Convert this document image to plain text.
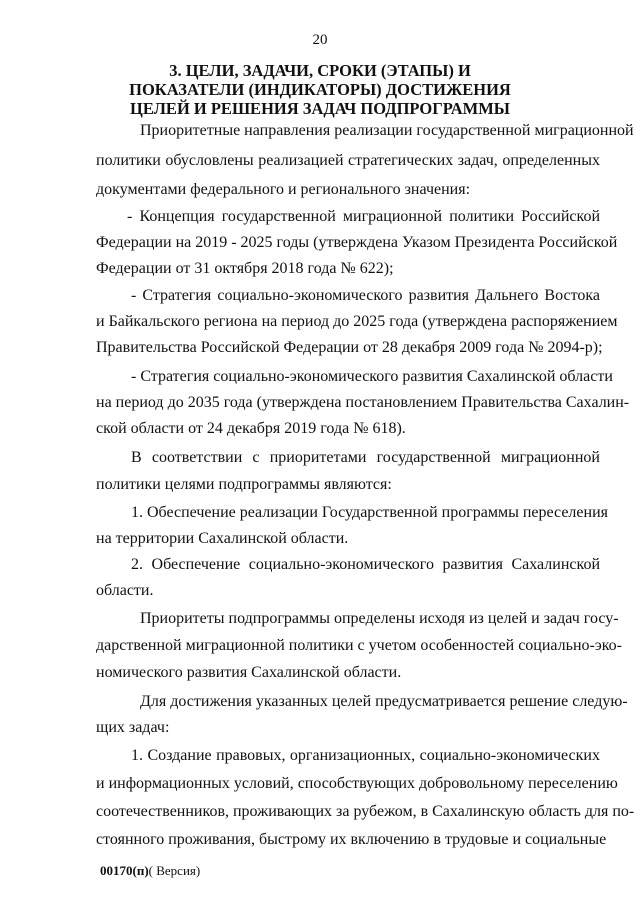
20
3. ЦЕЛИ, ЗАДАЧИ, СРОКИ (ЭТАПЫ) И
ПОКАЗАТЕЛИ (ИНДИКАТОРЫ) ДОСТИЖЕНИЯ
ЦЕЛЕЙ И РЕШЕНИЯ ЗАДАЧ ПОДПРОГРАММЫ
Приоритетные направления реализации государственной миграционной
политики обусловлены реализацией стратегических задач, определенных
документами федерального и регионального значения:
- Концепция государственной миграционной политики Российской
Федерации на 2019 - 2025 годы (утверждена Указом Президента Российской
Федерации от 31 октября 2018 года № 622);
- Стратегия социально-экономического развития Дальнего Востока
и Байкальского региона на период до 2025 года (утверждена распоряжением
Правительства Российской Федерации от 28 декабря 2009 года № 2094-р);
- Стратегия социально-экономического развития Сахалинской области
на период до 2035 года (утверждена постановлением Правительства Сахалин-
ской области от 24 декабря 2019 года № 618).
В соответствии с приоритетами государственной миграционной
политики целями подпрограммы являются:
1. Обеспечение реализации Государственной программы переселения
на территории Сахалинской области.
2. Обеспечение социально-экономического развития Сахалинской
области.
Приоритеты подпрограммы определены исходя из целей и задач госу-
дарственной миграционной политики с учетом особенностей социально-эко-
номического развития Сахалинской области.
Для достижения указанных целей предусматривается решение следую-
щих задач:
1. Создание правовых, организационных, социально-экономических
и информационных условий, способствующих добровольному переселению
соотечественников, проживающих за рубежом, в Сахалинскую область для по-
стоянного проживания, быстрому их включению в трудовые и социальные
00170(п)( Версия)
